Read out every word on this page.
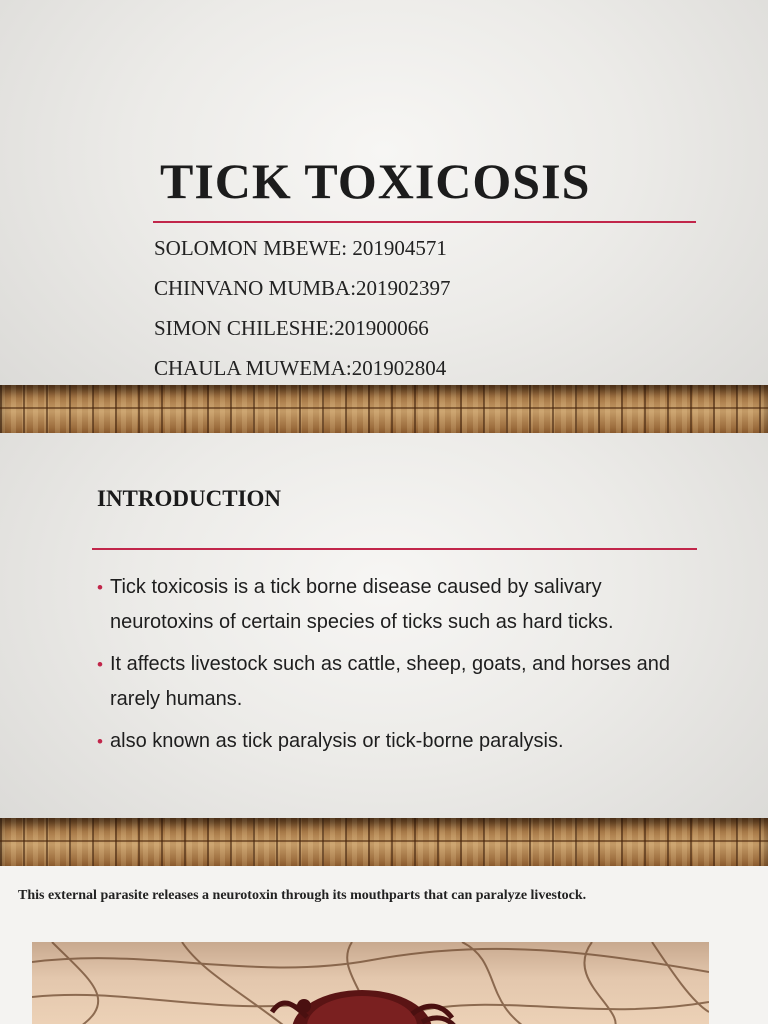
TICK TOXICOSIS
SOLOMON MBEWE: 201904571
CHINVANO MUMBA:201902397
SIMON CHILESHE:201900066
CHAULA MUWEMA:201902804
INTRODUCTION
• Tick toxicosis is a tick borne disease caused by salivary neurotoxins of certain species of ticks such as hard ticks.
• It affects livestock such as cattle, sheep, goats, and horses and rarely humans.
• also known as tick paralysis or tick-borne paralysis.

This external parasite releases a neurotoxin through its mouthparts that can paralyze livestock.
